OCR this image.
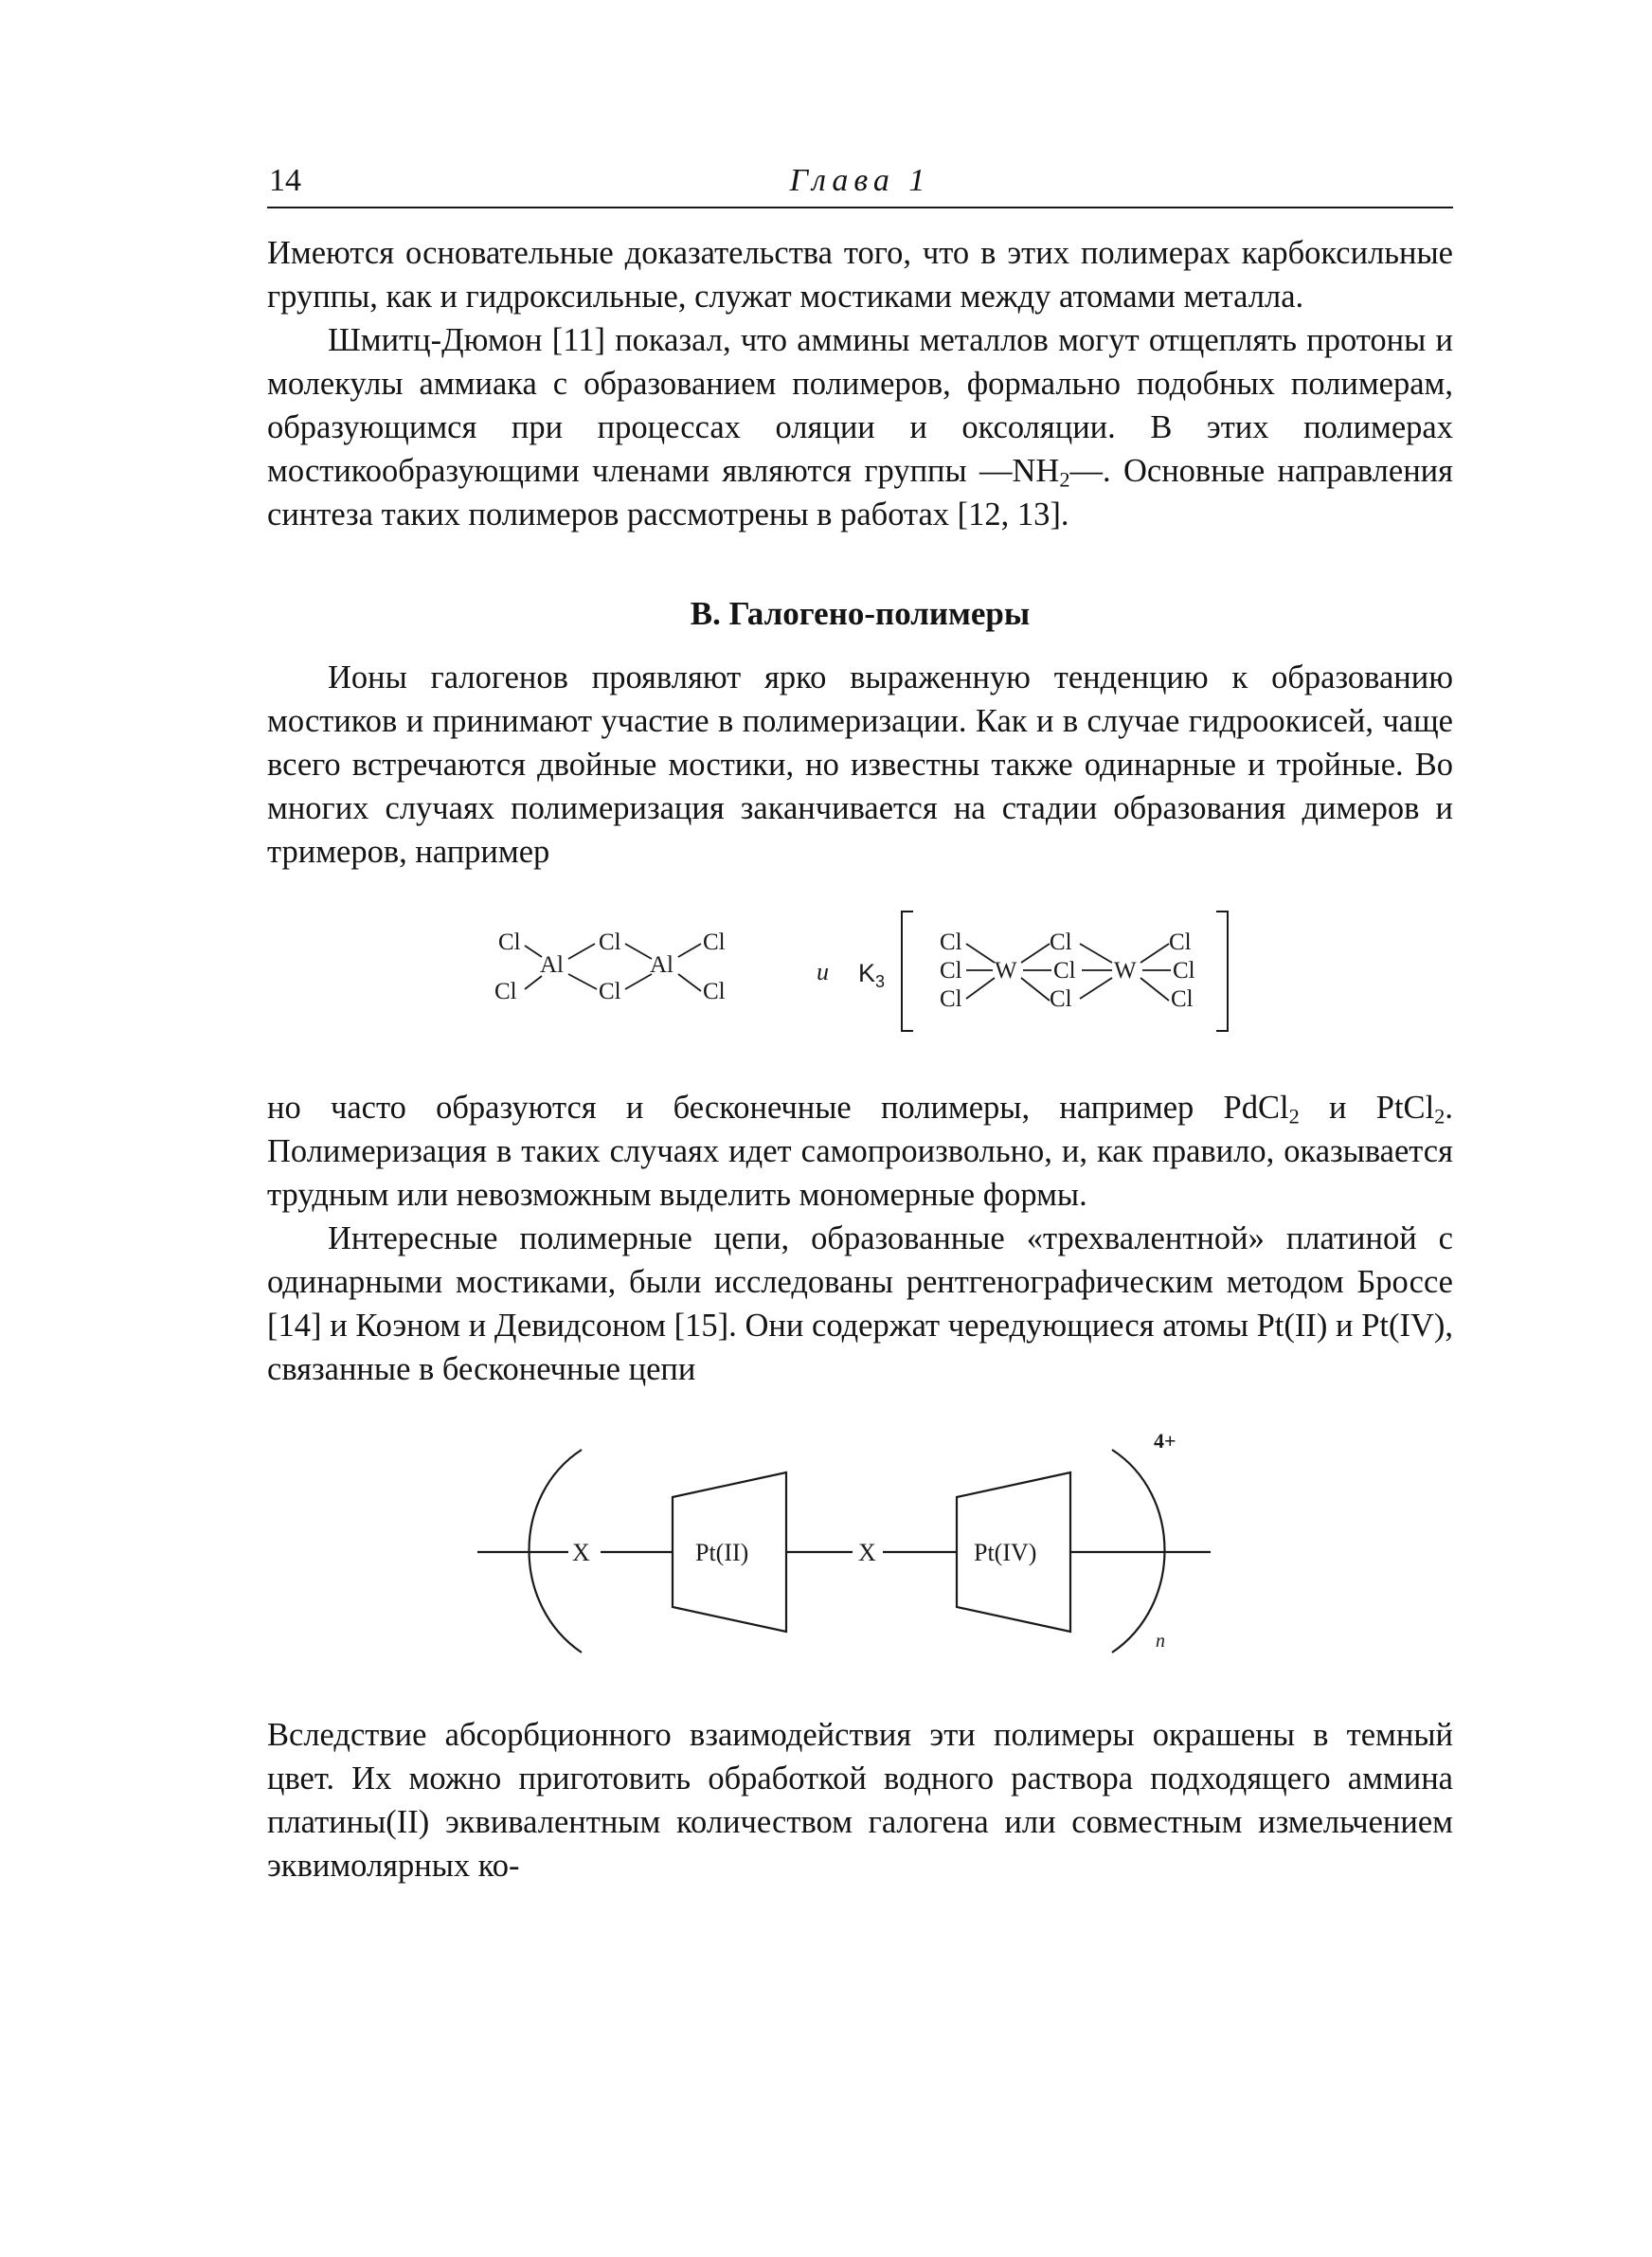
14	Глава 1

Имеются основательные доказательства того, что в этих полимерах карбоксильные группы, как и гидроксильные, служат мостиками между атомами металла.

Шмитц-Дюмон [11] показал, что аммины металлов могут отщеплять протоны и молекулы аммиака с образованием полимеров, формально подобных полимерам, образующимся при процессах оляции и оксоляции. В этих полимерах мостикообразующими членами являются группы $—NH_2—$. Основные направления синтеза таких полимеров рассмотрены в работах [12, 13].

В. Галогено-полимеры

Ионы галогенов проявляют ярко выраженную тенденцию к образованию мостиков и принимают участие в полимеризации. Как и в случае гидроокисей, чаще всего встречаются двойные мостики, но известны также одинарные и тройные. Во многих случаях полимеризация заканчивается на стадии образования димеров и тримеров, например

Cl	Cl	Cl
Al	Al
Cl	Cl	Cl
и K 3
Cl	Cl	Cl
Cl W Cl W Cl
Cl	Cl	Cl

но часто образуются и бесконечные полимеры, например PdCl$_2$ и PtCl$_2$. Полимеризация в таких случаях идет самопроизвольно, и, как правило, оказывается трудным или невозможным выделить мономерные формы.

Интересные полимерные цепи, образованные «трехвалентной» платиной с одинарными мостиками, были исследованы рентгенографическим методом Броссе [14] и Коэном и Девидсоном [15]. Они содержат чередующиеся атомы Pt(II) и Pt(IV), связанные в бесконечные цепи

X	X
Pt(II)	Pt(IV)
4+
n

Вследствие абсорбционного взаимодействия эти полимеры окрашены в темный цвет. Их можно приготовить обработкой водного раствора подходящего аммина платины(II) эквивалентным количеством галогена или совместным измельчением эквимолярных ко-
